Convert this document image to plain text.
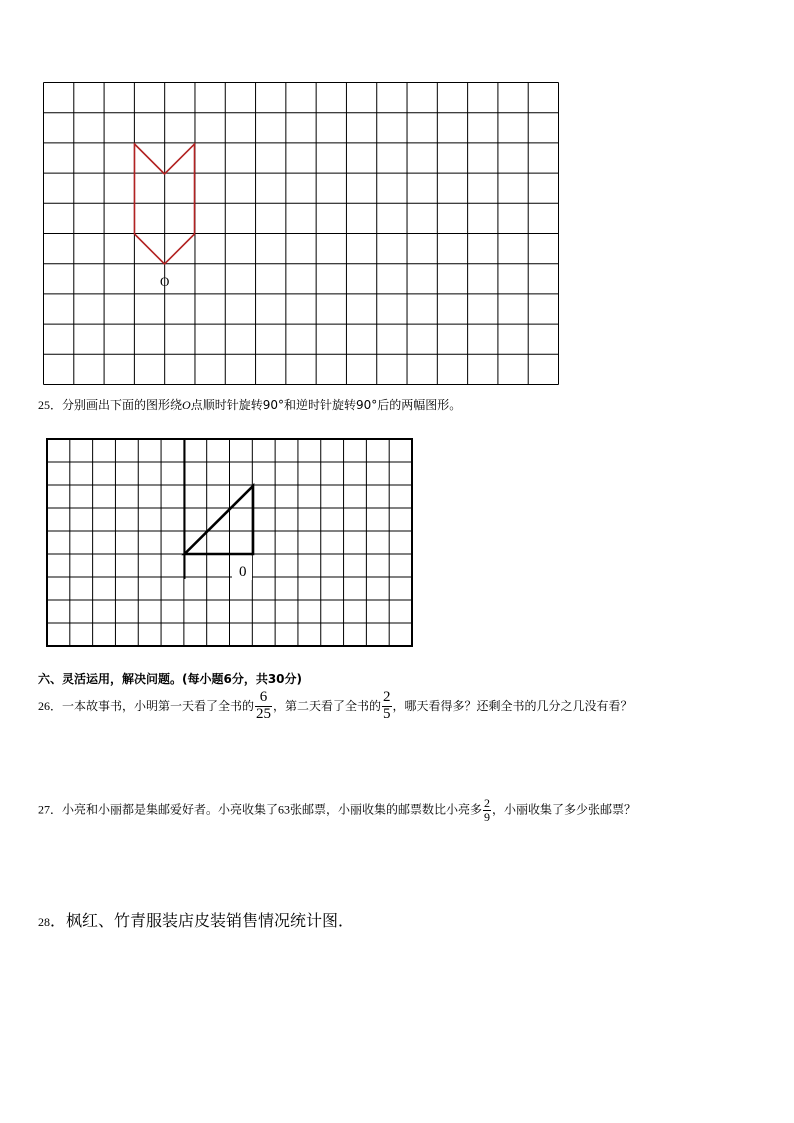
O
25．分别画出下面的图形绕O点顺时针旋转90°和逆时针旋转90°后的两幅图形。
0
六、灵活运用，解决问题。(每小题6分，共30分)
26．一本故事书，小明第一天看了全书的 $\frac{6}{25}$ ，第二天看了全书的 $\frac{2}{5}$ ，哪天看得多？还剩全书的几分之几没有看？
27．小亮和小丽都是集邮爱好者。小亮收集了63张邮票，小丽收集的邮票数比小亮多 $\frac{2}{9}$ ，小丽收集了多少张邮票？
28．枫红、竹青服装店皮装销售情况统计图．
